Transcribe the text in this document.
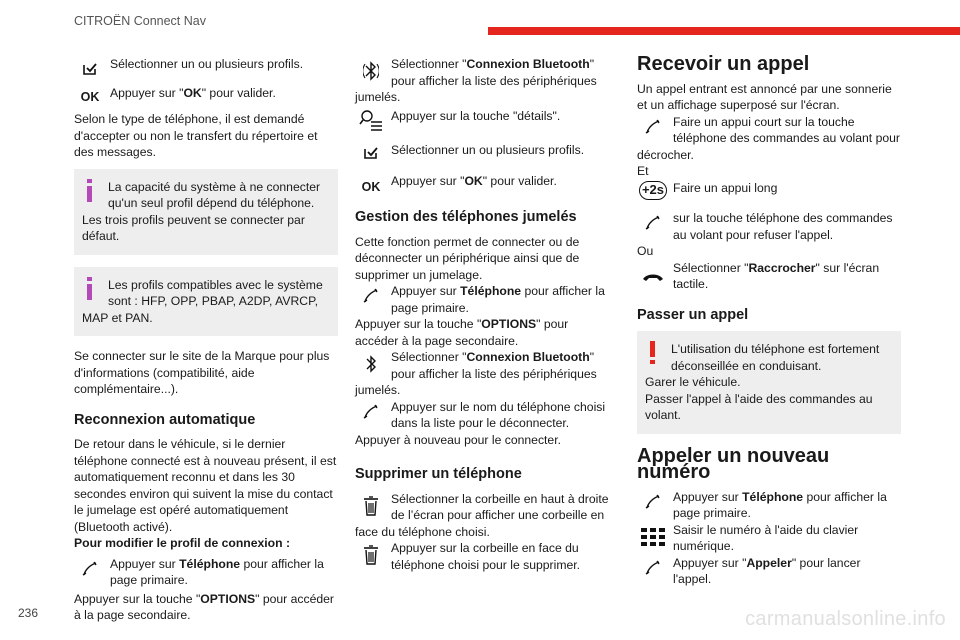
CITROËN Connect Nav
Sélectionner un ou plusieurs profils.
OK Appuyer sur "OK" pour valider.

Selon le type de téléphone, il est demandé d'accepter ou non le transfert du répertoire et des messages.

La capacité du système à ne connecter qu'un seul profil dépend du téléphone.
Les trois profils peuvent se connecter par défaut.
Les profils compatibles avec le système sont : HFP, OPP, PBAP, A2DP, AVRCP,
MAP et PAN.

Se connecter sur le site de la Marque pour plus d'informations (compatibilité, aide complémentaire...).

Reconnexion automatique

De retour dans le véhicule, si le dernier téléphone connecté est à nouveau présent, il est automatiquement reconnu et dans les 30 secondes environ qui suivent la mise du contact le jumelage est opéré automatiquement (Bluetooth activé).

Pour modifier le profil de connexion :

Appuyer sur Téléphone pour afficher la page primaire.

Appuyer sur la touche "OPTIONS" pour accéder à la page secondaire.

Sélectionner "Connexion Bluetooth" pour afficher la liste des périphériques
jumelés.
Appuyer sur la touche "détails".
Sélectionner un ou plusieurs profils.
OK Appuyer sur "OK" pour valider.
Gestion des téléphones jumelés

Cette fonction permet de connecter ou de déconnecter un périphérique ainsi que de supprimer un jumelage.

Appuyer sur Téléphone pour afficher la page primaire.

Appuyer sur la touche "OPTIONS" pour accéder à la page secondaire.

Sélectionner "Connexion Bluetooth" pour afficher la liste des périphériques
jumelés.
Appuyer sur le nom du téléphone choisi dans la liste pour le déconnecter.

Appuyer à nouveau pour le connecter.

Supprimer un téléphone
Sélectionner la corbeille en haut à droite de l’écran pour afficher une corbeille en
face du téléphone choisi.
Appuyer sur la corbeille en face du téléphone choisi pour le supprimer.
Recevoir un appel

Un appel entrant est annoncé par une sonnerie et un affichage superposé sur l'écran.

Faire un appui court sur la touche téléphone des commandes au volant pour
décrocher.

Et

+2s Faire un appui long
sur la touche téléphone des commandes au volant pour refuser l'appel.

Ou

Sélectionner "Raccrocher" sur l'écran tactile.
Passer un appel
L'utilisation du téléphone est fortement déconseillée en conduisant.
Garer le véhicule.
Passer l'appel à l'aide des commandes au volant.
Appeler un nouveau numéro
Appuyer sur Téléphone pour afficher la page primaire.
Saisir le numéro à l'aide du clavier numérique.
Appuyer sur "Appeler" pour lancer l'appel.
236	carmanualsonline.info
